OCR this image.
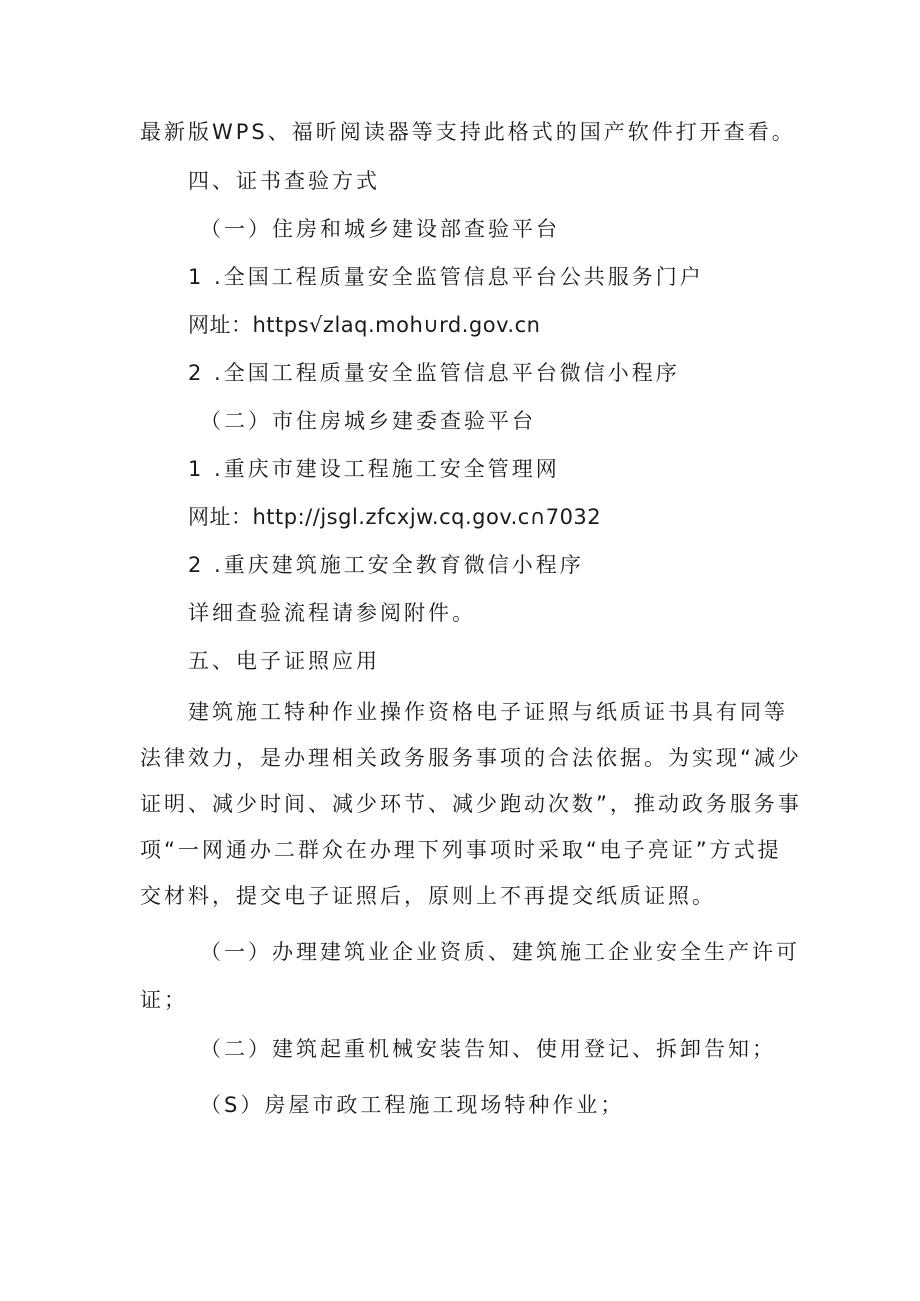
最新版WPS、福昕阅读器等支持此格式的国产软件打开查看。
四、证书查验方式
（一）住房和城乡建设部查验平台
1 .全国工程质量安全监管信息平台公共服务门户
网址：https√zlaq.moh∪rd.gov.cn
2 .全国工程质量安全监管信息平台微信小程序
（二）市住房城乡建委查验平台
1 .重庆市建设工程施工安全管理网
网址：http://jsgl.zfcxjw.cq.gov.c∩7032
2 .重庆建筑施工安全教育微信小程序
详细查验流程请参阅附件。
五、电子证照应用
建筑施工特种作业操作资格电子证照与纸质证书具有同等
法律效力，是办理相关政务服务事项的合法依据。为实现“减少
证明、减少时间、减少环节、减少跑动次数”，推动政务服务事
项“一网通办二群众在办理下列事项时采取“电子亮证”方式提
交材料，提交电子证照后，原则上不再提交纸质证照。
（一）办理建筑业企业资质、建筑施工企业安全生产许可
证；
（二）建筑起重机械安装告知、使用登记、拆卸告知；
（S）房屋市政工程施工现场特种作业；
